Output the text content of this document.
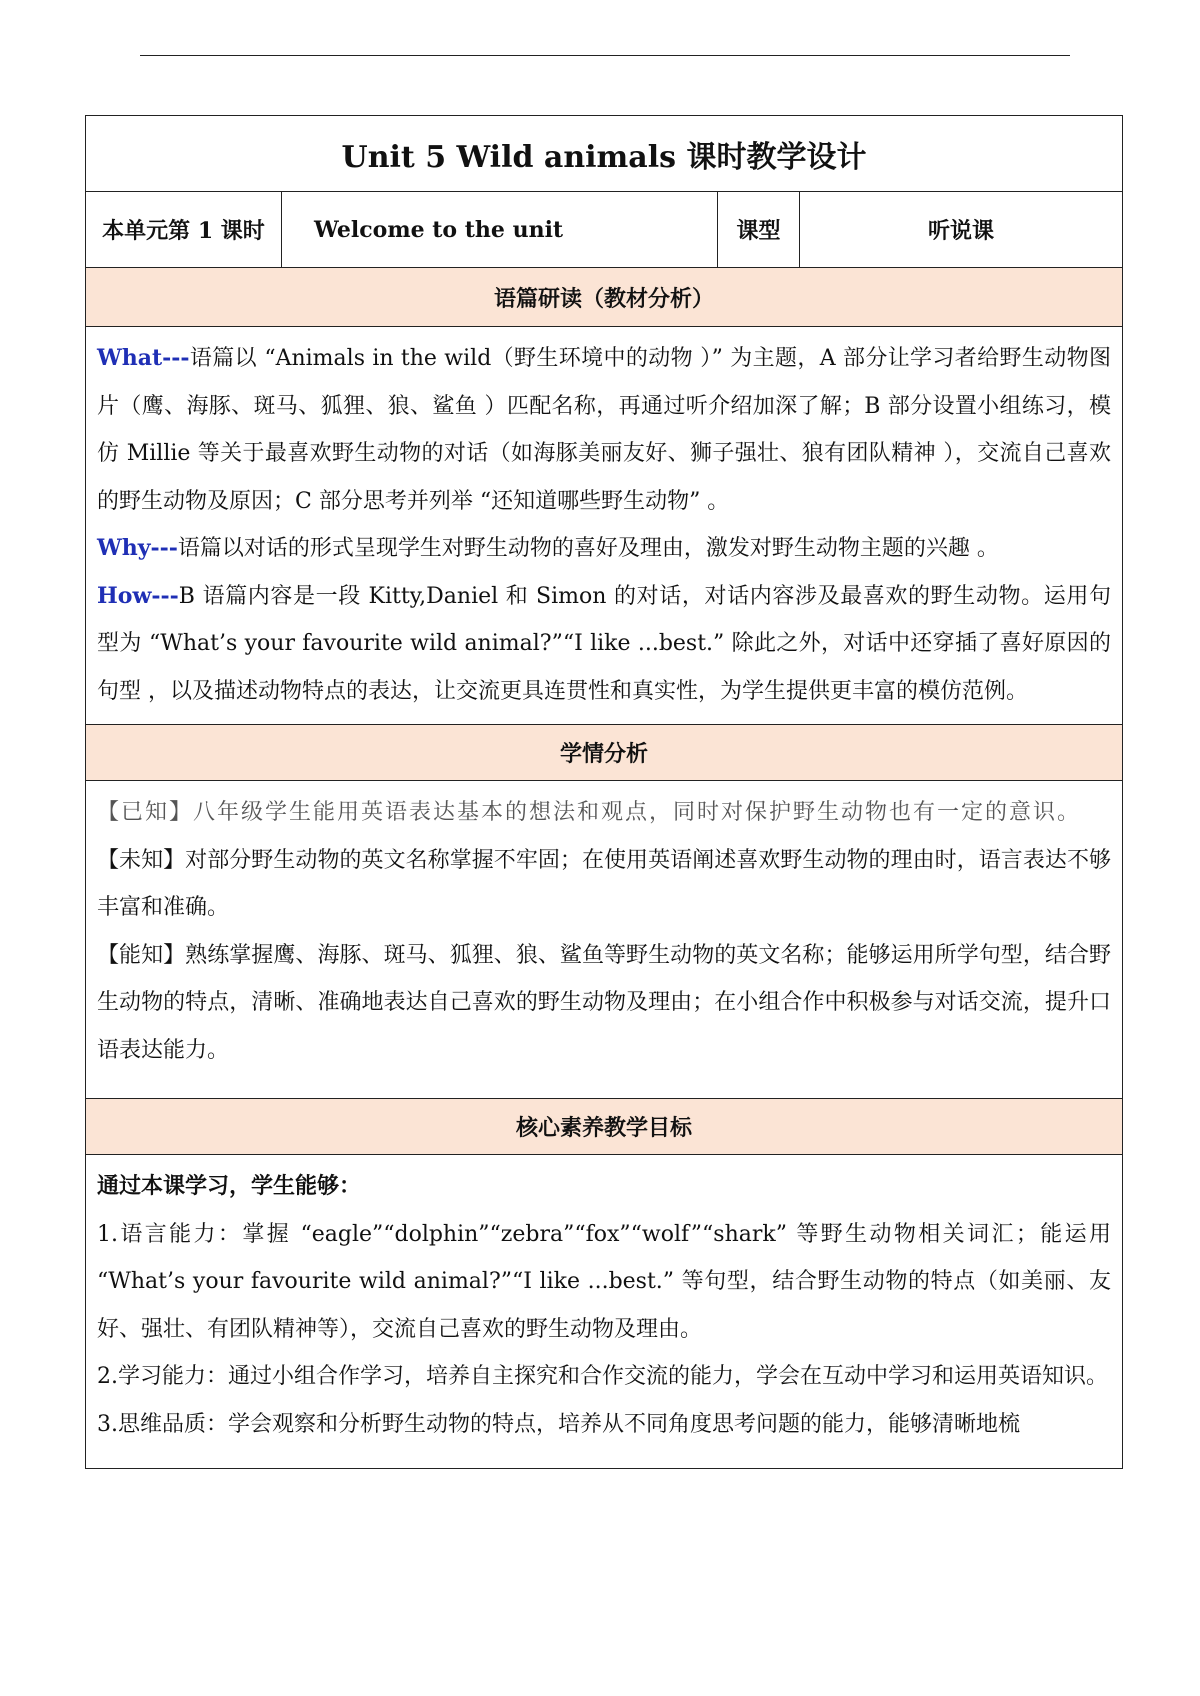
Unit 5 Wild animals 课时教学设计
本单元第 1 课时	Welcome to the unit	课型	听说课
语篇研读（教材分析）

What---语篇以 “Animals in the wild（野生环境中的动物 ）” 为主题，A 部分让学习者给野生动物图片（鹰、海豚、斑马、狐狸、狼、鲨鱼 ）匹配名称，再通过听介绍加深了解；B 部分设置小组练习，模仿 Millie 等关于最喜欢野生动物的对话（如海豚美丽友好、狮子强壮、狼有团队精神 ），交流自己喜欢的野生动物及原因；C 部分思考并列举 “还知道哪些野生动物” 。

Why---语篇以对话的形式呈现学生对野生动物的喜好及理由，激发对野生动物主题的兴趣 。

How---B 语篇内容是一段 Kitty,Daniel 和 Simon 的对话，对话内容涉及最喜欢的野生动物。运用句型为 “What’s your favourite wild animal?”“I like ...best.” 除此之外，对话中还穿插了喜好原因的句型 ，以及描述动物特点的表达，让交流更具连贯性和真实性，为学生提供更丰富的模仿范例。

学情分析

【已知】八年级学生能用英语表达基本的想法和观点，同时对保护野生动物也有一定的意识。

【未知】对部分野生动物的英文名称掌握不牢固；在使用英语阐述喜欢野生动物的理由时，语言表达不够丰富和准确。

【能知】熟练掌握鹰、海豚、斑马、狐狸、狼、鲨鱼等野生动物的英文名称；能够运用所学句型，结合野生动物的特点，清晰、准确地表达自己喜欢的野生动物及理由；在小组合作中积极参与对话交流，提升口语表达能力。

核心素养教学目标

通过本课学习，学生能够：

1.语言能力：掌握 “eagle”“dolphin”“zebra”“fox”“wolf”“shark” 等野生动物相关词汇；能运用 “What’s your favourite wild animal?”“I like ...best.” 等句型，结合野生动物的特点（如美丽、友好、强壮、有团队精神等），交流自己喜欢的野生动物及理由。

2.学习能力：通过小组合作学习，培养自主探究和合作交流的能力，学会在互动中学习和运用英语知识。

3.思维品质：学会观察和分析野生动物的特点，培养从不同角度思考问题的能力，能够清晰地梳
